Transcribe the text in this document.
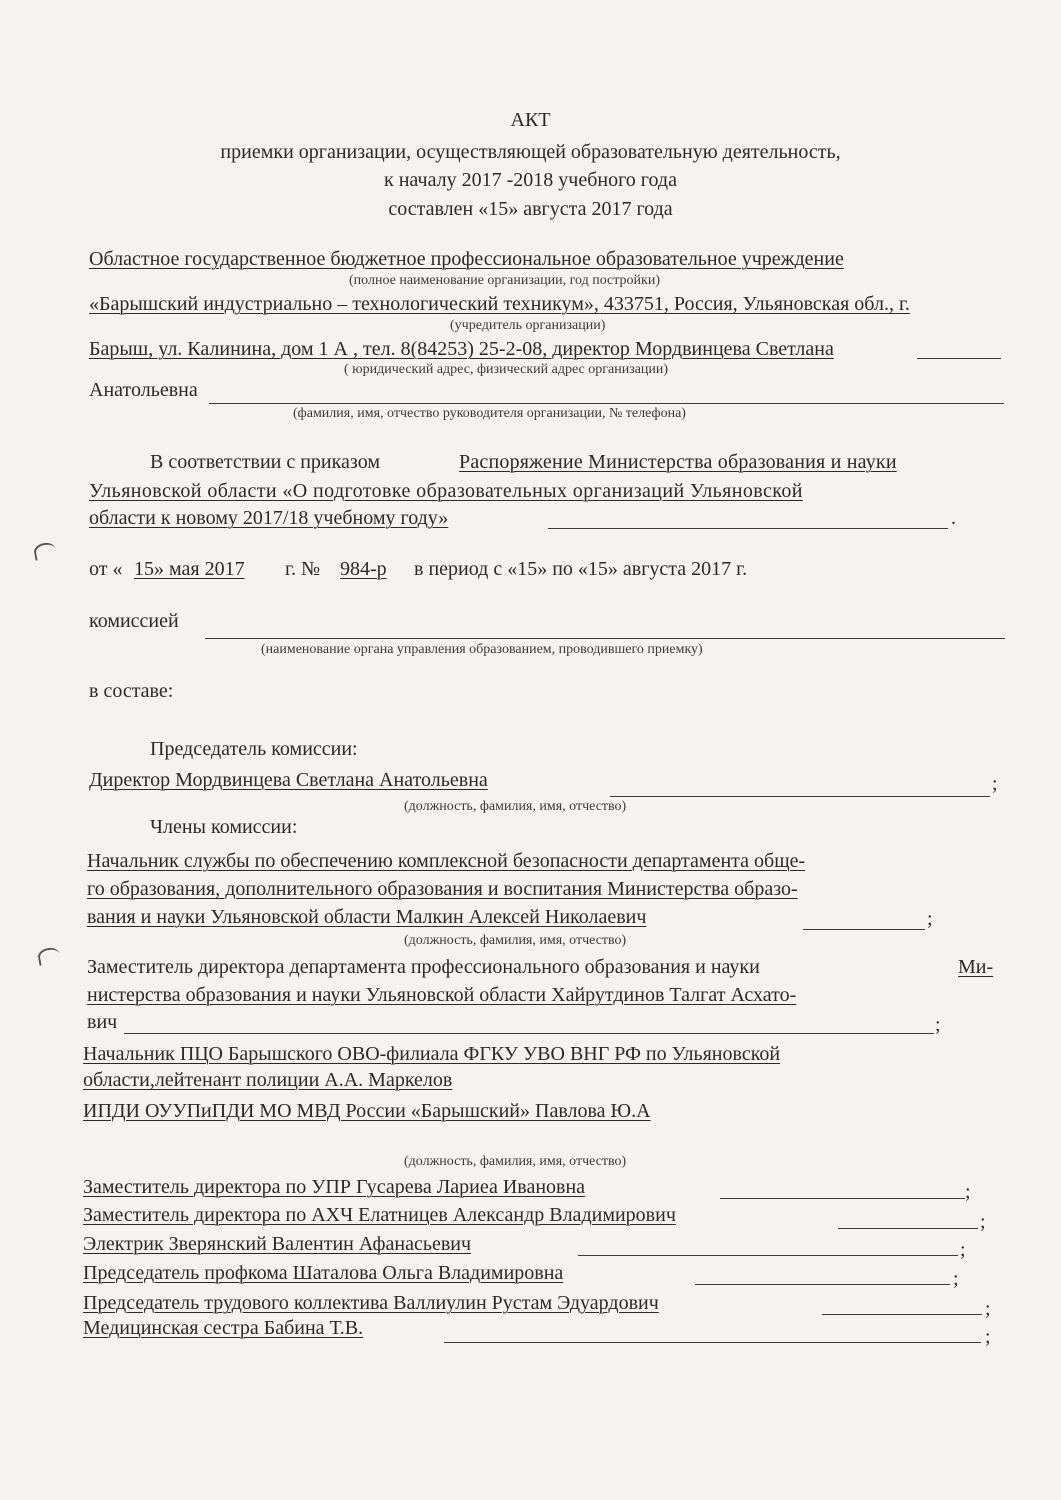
АКТ
приемки организации, осуществляющей образовательную деятельность,
к началу 2017 -2018 учебного года
составлен «15» августа 2017 года
Областное государственное бюджетное профессиональное образовательное учреждение
(полное наименование организации, год постройки)
«Барышский индустриально – технологический техникум», 433751, Россия, Ульяновская обл., г.
(учредитель организации)
Барыш, ул. Калинина, дом 1 А , тел. 8(84253) 25-2-08, директор Мордвинцева Светлана
( юридический адрес, физический адрес организации)
Анатольевна
(фамилия, имя, отчество руководителя организации, № телефона)
В соответствии с приказом	Распоряжение Министерства образования и науки
Ульяновской области «О подготовке образовательных организаций Ульяновской
области к новому 2017/18 учебному году»	.
от « 15» мая 2017 г. № 984-р в период с «15» по «15» августа 2017 г.
комиссией
(наименование органа управления образованием, проводившего приемку)
в составе:
Председатель комиссии:
Директор Мордвинцева Светлана Анатольевна	;
(должность, фамилия, имя, отчество)
Члены комиссии:
Начальник службы по обеспечению комплексной безопасности департамента обще-
го образования, дополнительного образования и воспитания Министерства образо-
вания и науки Ульяновской области Малкин Алексей Николаевич	;
(должность, фамилия, имя, отчество)
Заместитель директора департамента профессионального образования и науки	Ми-
нистерства образования и науки Ульяновской области Хайрутдинов Талгат Асхато-
вич	;
Начальник ПЦО Барышского ОВО-филиала ФГКУ УВО ВНГ РФ по Ульяновской
области,лейтенант полиции А.А. Маркелов
ИПДИ ОУУПиПДИ МО МВД России «Барышский» Павлова Ю.А
(должность, фамилия, имя, отчество)
Заместитель директора по УПР Гусарева Лариеа Ивановна	;
Заместитель директора по АХЧ Елатницев Александр Владимирович	;
Электрик Зверянский Валентин Афанасьевич	;
Председатель профкома Шаталова Ольга Владимировна	;
Председатель трудового коллектива Валлиулин Рустам Эдуардович	;
Медицинская сестра Бабина Т.В.	;
